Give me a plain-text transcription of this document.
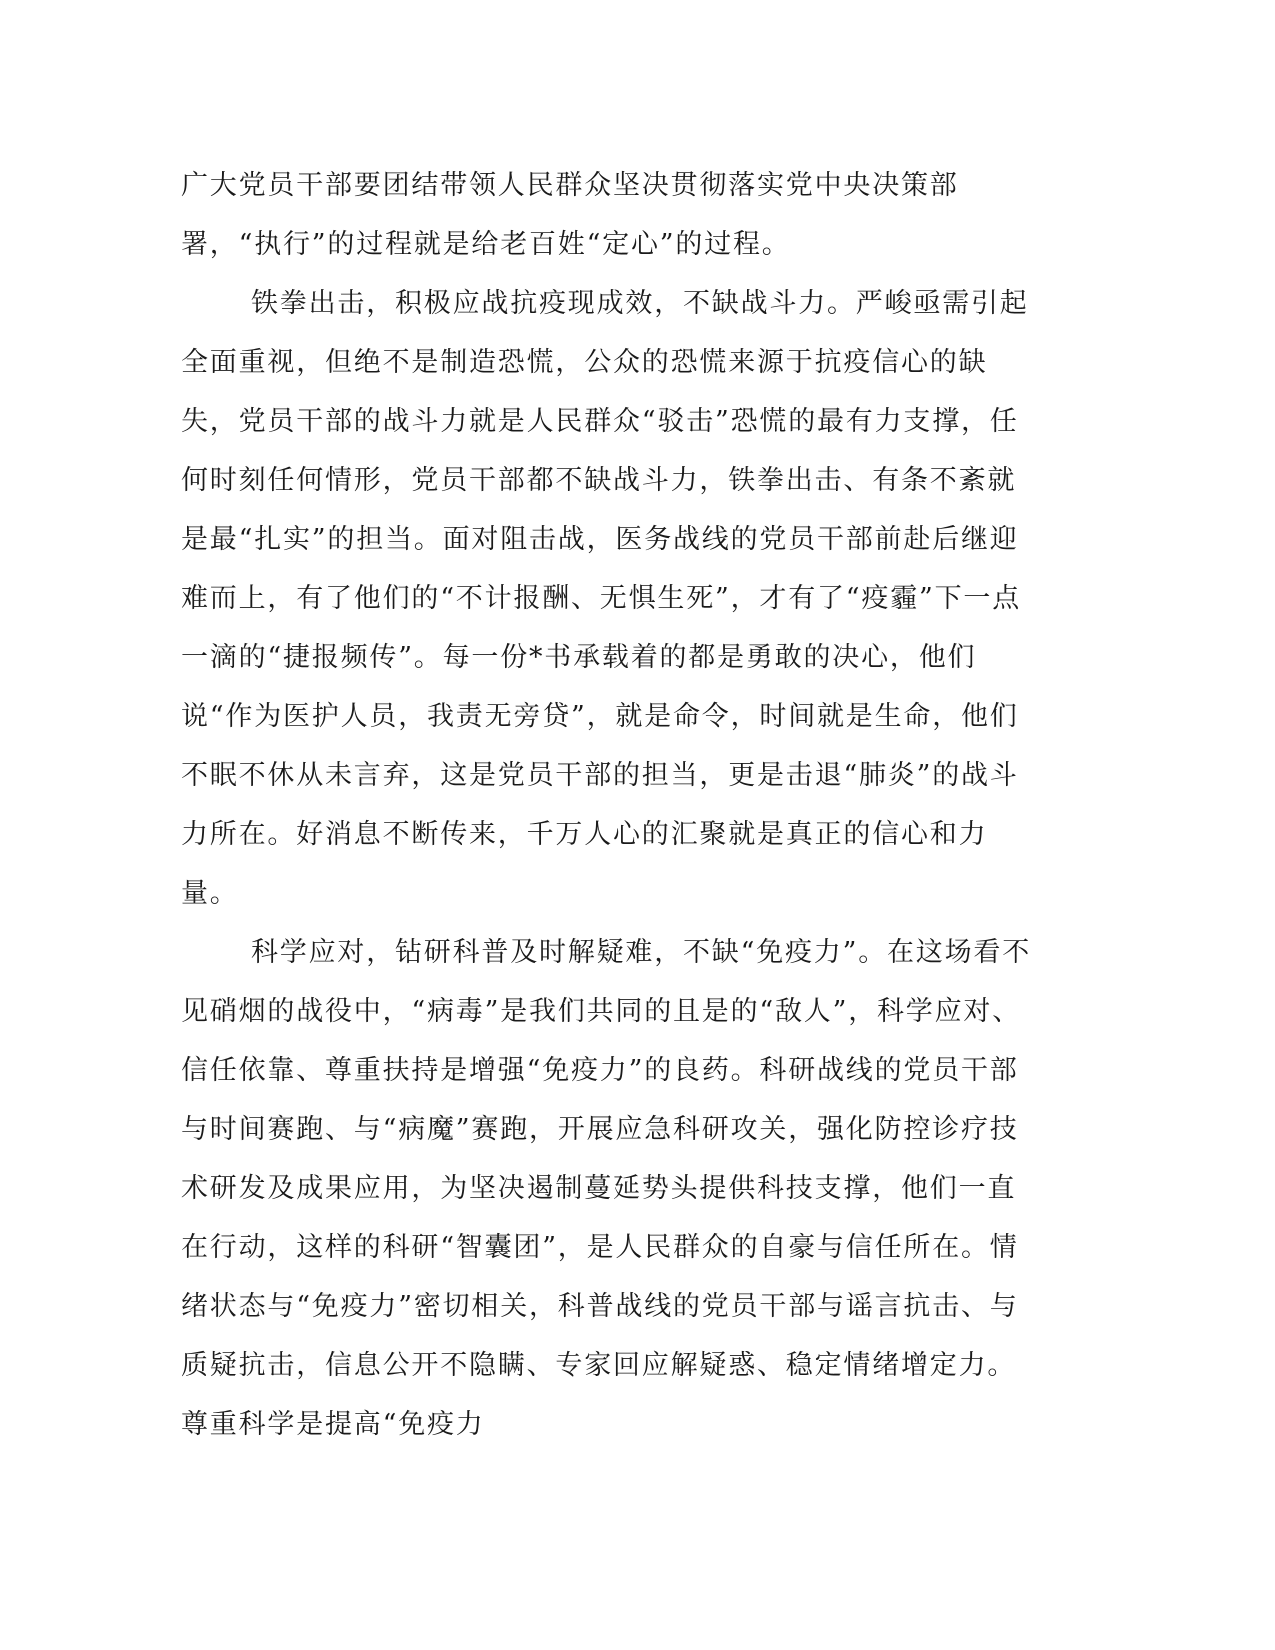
广大党员干部要团结带领人民群众坚决贯彻落实党中央决策部署，“执行”的过程就是给老百姓“定心”的过程。

铁拳出击，积极应战抗疫现成效，不缺战斗力。严峻亟需引起全面重视，但绝不是制造恐慌，公众的恐慌来源于抗疫信心的缺失，党员干部的战斗力就是人民群众“驳击”恐慌的最有力支撑，任何时刻任何情形，党员干部都不缺战斗力，铁拳出击、有条不紊就是最“扎实”的担当。面对阻击战，医务战线的党员干部前赴后继迎难而上，有了他们的“不计报酬、无惧生死”，才有了“疫霾”下一点一滴的“捷报频传”。每一份*书承载着的都是勇敢的决心，他们说“作为医护人员，我责无旁贷”，就是命令，时间就是生命，他们不眠不休从未言弃，这是党员干部的担当，更是击退“肺炎”的战斗力所在。好消息不断传来，千万人心的汇聚就是真正的信心和力量。

科学应对，钻研科普及时解疑难，不缺“免疫力”。在这场看不见硝烟的战役中，“病毒”是我们共同的且是的“敌人”，科学应对、信任依靠、尊重扶持是增强“免疫力”的良药。科研战线的党员干部与时间赛跑、与“病魔”赛跑，开展应急科研攻关，强化防控诊疗技术研发及成果应用，为坚决遏制蔓延势头提供科技支撑，他们一直在行动，这样的科研“智囊团”，是人民群众的自豪与信任所在。情绪状态与“免疫力”密切相关，科普战线的党员干部与谣言抗击、与质疑抗击，信息公开不隐瞒、专家回应解疑惑、稳定情绪增定力。尊重科学是提高“免疫力
